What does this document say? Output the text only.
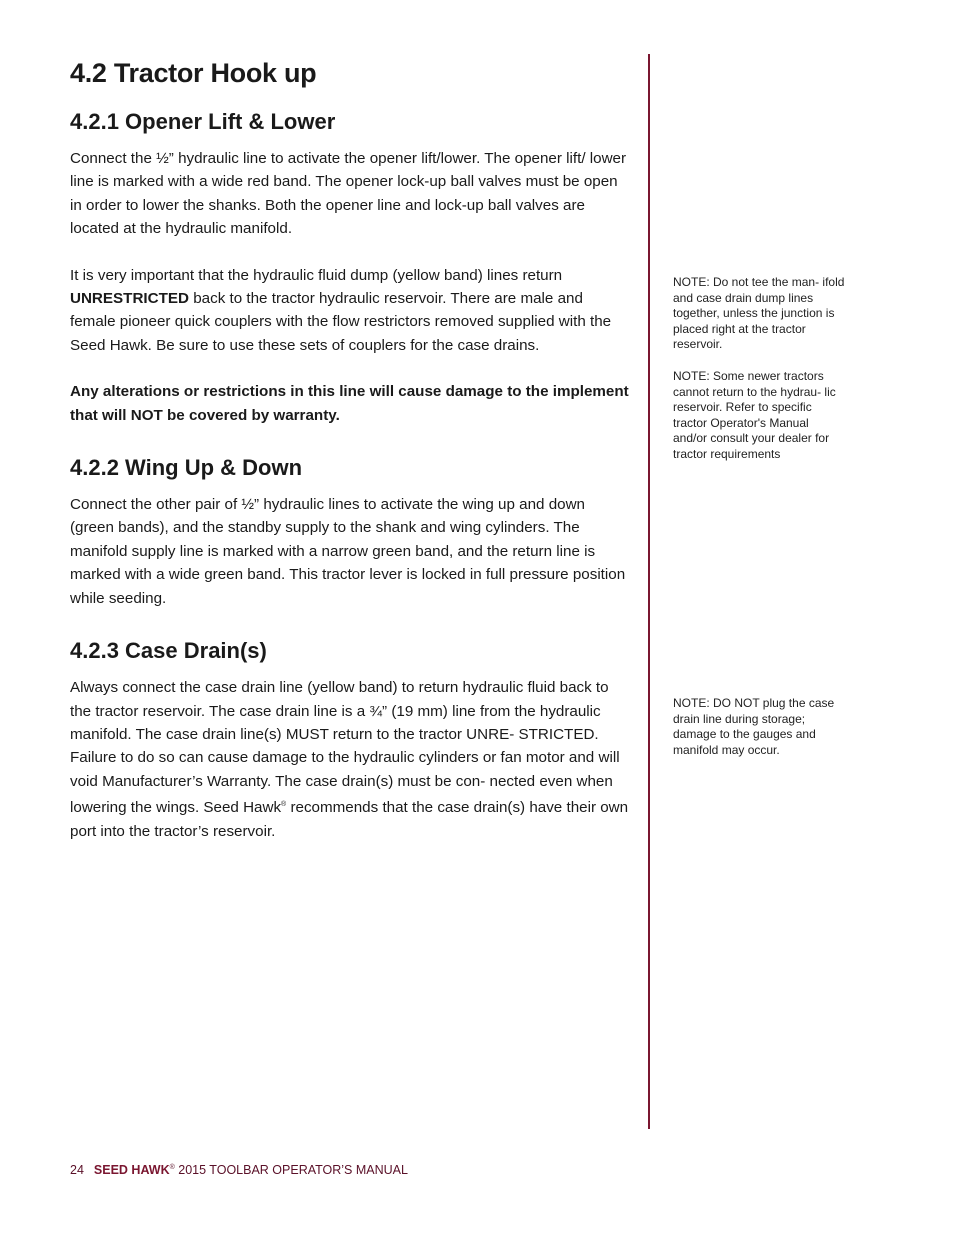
4.2 Tractor Hook up
4.2.1 Opener Lift & Lower

Connect the ½” hydraulic line to activate the opener lift/lower. The opener lift/ lower line is marked with a wide red band. The opener lock-up ball valves must be open in order to lower the shanks. Both the opener line and lock-up ball valves are located at the hydraulic manifold.

It is very important that the hydraulic fluid dump (yellow band) lines return UNRESTRICTED back to the tractor hydraulic reservoir. There are male and female pioneer quick couplers with the flow restrictors removed supplied with the Seed Hawk. Be sure to use these sets of couplers for the case drains.

Any alterations or restrictions in this line will cause damage to the implement that will NOT be covered by warranty.

4.2.2 Wing Up & Down

Connect the other pair of ½” hydraulic lines to activate the wing up and down (green bands), and the standby supply to the shank and wing cylinders. The manifold supply line is marked with a narrow green band, and the return line is marked with a wide green band. This tractor lever is locked in full pressure position while seeding.

4.2.3 Case Drain(s)

Always connect the case drain line (yellow band) to return hydraulic fluid back to the tractor reservoir. The case drain line is a ¾” (19 mm) line from the hydraulic manifold. The case drain line(s) MUST return to the tractor UNRE- STRICTED. Failure to do so can cause damage to the hydraulic cylinders or fan motor and will void Manufacturer’s Warranty. The case drain(s) must be con- nected even when lowering the wings. Seed Hawk® recommends that the case drain(s) have their own port into the tractor’s reservoir.

NOTE: Do not tee the man- ifold and case drain dump lines together, unless the junction is placed right at the tractor reservoir.
NOTE: Some newer tractors cannot return to the hydrau- lic reservoir. Refer to specific tractor Operator's Manual and/or consult your dealer for tractor requirements
NOTE: DO NOT plug the case drain line during storage; damage to the gauges and manifold may occur.
24 SEED HAWK® 2015 TOOLBAR OPERATOR’S MANUAL
